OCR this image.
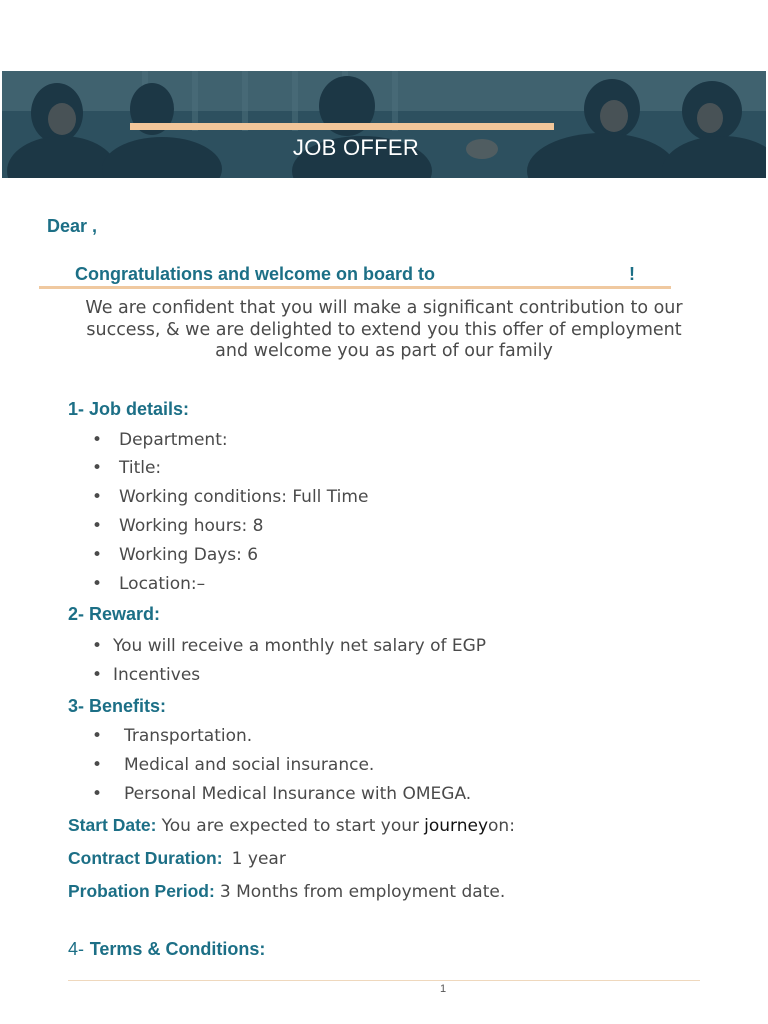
JOB OFFER
Dear ,
Congratulations and welcome on board to	!
We are confident that you will make a significant contribution to our success, & we are delighted to extend you this offer of employment and welcome you as part of our family
1- Job details:
• Department:
• Title:
• Working conditions: Full Time
• Working hours: 8
• Working Days: 6
• Location:–
2- Reward:
• You will receive a monthly net salary of EGP
• Incentives
3- Benefits:
• Transportation.
• Medical and social insurance.
• Personal Medical Insurance with OMEGA.
Start Date: You are expected to start your journeyon:
Contract Duration: 1 year
Probation Period: 3 Months from employment date.
4- Terms & Conditions:
1
